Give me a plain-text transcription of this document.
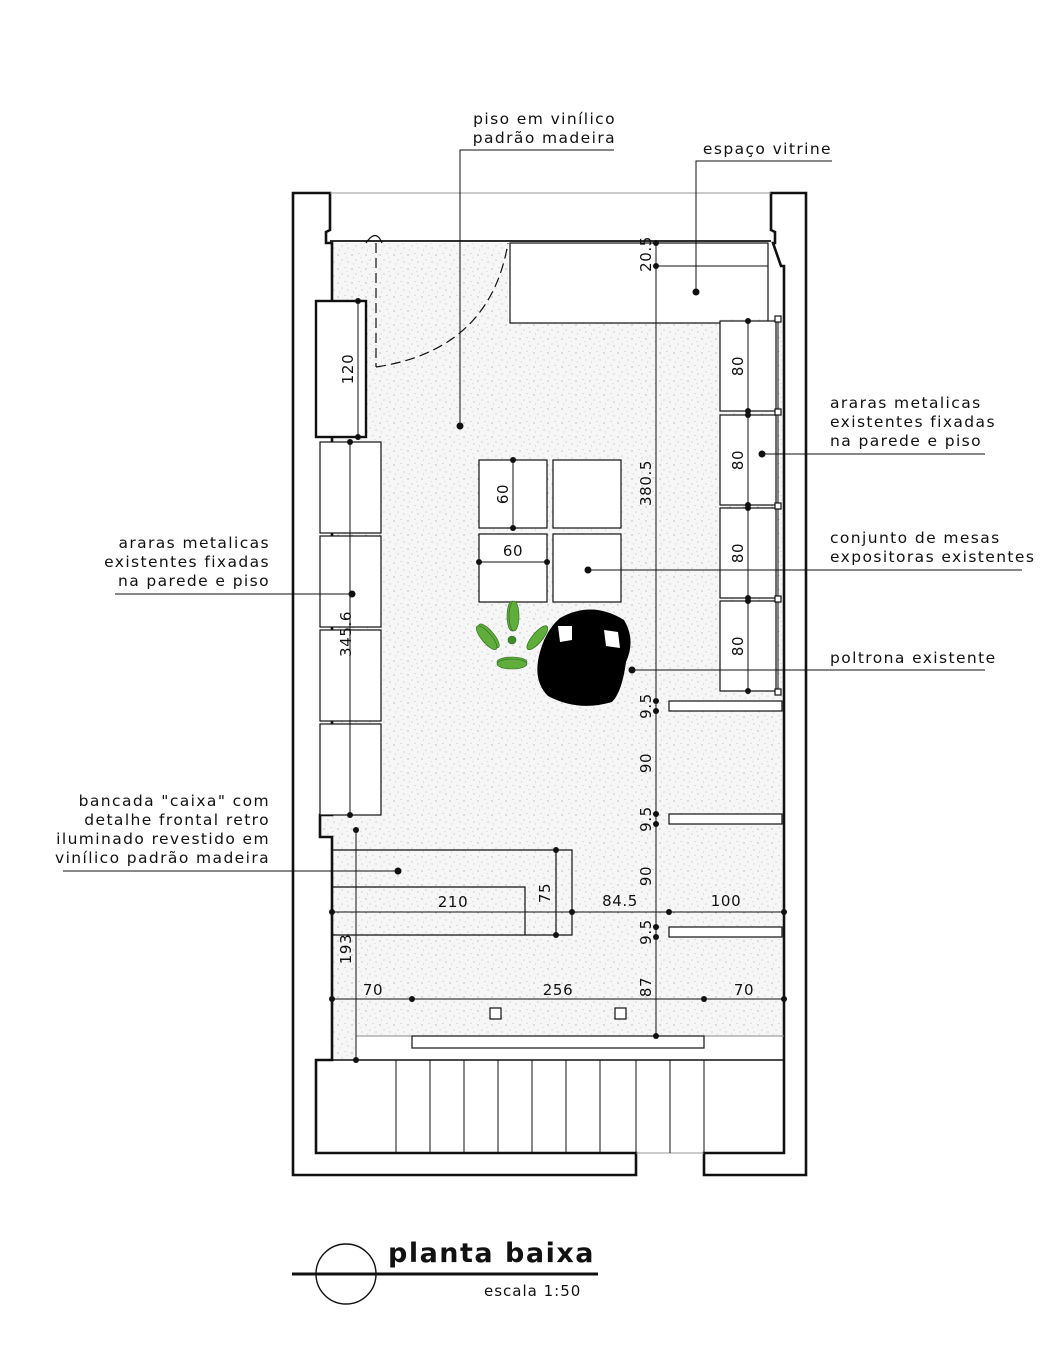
piso em vinílico
padrão madeira
espaço vitrine
araras metalicas
existentes fixadas
na parede e piso
conjunto de mesas
expositoras existentes
poltrona existente
araras metalicas
existentes fixadas
na parede e piso
bancada "caixa" com
detalhe frontal retro
iluminado revestido em
vinílico padrão madeira
120
345.6
193
20.5
380.5
80
80
80
80
60
60
9.5
90
9.5
90
9.5
87
210	75	84.5	100
70	256	70
planta baixa
escala 1:50
